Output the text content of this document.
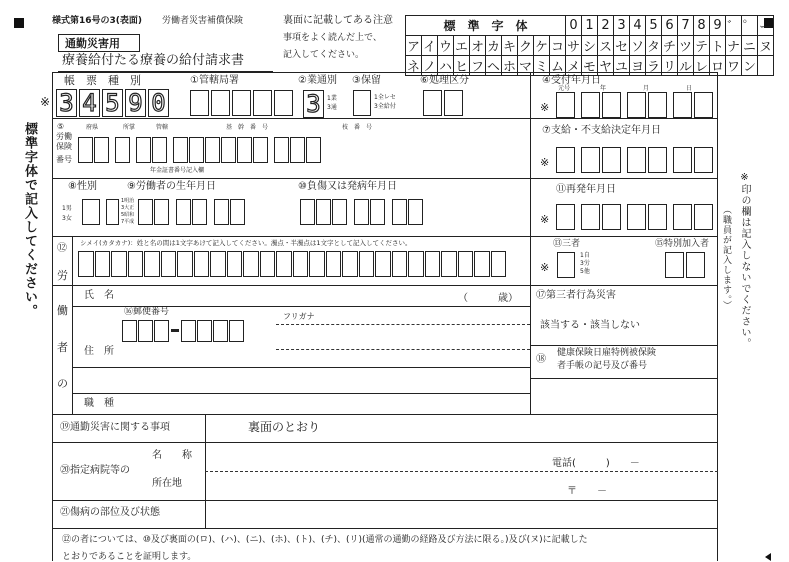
様式第16号の3(表面) 労働者災害補償保険	裏面に記載してある注意
事項をよく読んだ上で、
記入してください。
通勤災害用
療養給付たる療養の給付請求書
標　準　字　体										0	1	2	3	4	5	6	7	8	9	゛	゜	ー
ア	イ	ウ	エ	オ	カ	キ	ク	ケ	コ	サ	シ	ス	セ	ソ	タ	チ	ツ	テ	ト	ナ	ニ	ヌ
ネ	ノ	ハ	ヒ	フ	ヘ	ホ	マ	ミ	ム	メ	モ	ヤ	ユ	ヨ	ラ	リ	ル	レ	ロ	ワ	ン	
標準字体で記入してください。	※印の欄は記入しないでください。
（職員が記入します。）
帳　票　種　別
※ 3 4 5 9 0
①管轄局署	②業通別
3	1業
3通
③保留
1全レセ
3全給付
⑥処理区分	④受付年月日
※
元号	年	月	日
⑤
労働
保険
番号
府県	所掌	管轄	基　幹　番　号	枝　番　号
年金証書番号記入欄
⑦支給・不支給決定年月日
※
⑧性別
1男
3女
⑨労働者の生年月日
1明治
3大正
5昭和
7平成
⑩負傷又は発病年月日	⑪再発年月日
※
シメイ(カタカナ)：姓と名の間は1文字あけて記入してください。濁点・半濁点は1文字として記入してください。	⑬三者
※
1自
3労
5他
⑮特別加入者
⑫
労
働
者
の
氏　名	（　　　歳）
⑯郵便番号	フリガナ
住　所
職　種
⑰第三者行為災害
該当する・該当しない
⑱
健康保険日雇特例被保険
者手帳の記号及び番号
⑲通勤災害に関する事項	裏面のとおり
⑳指定病院等の
名　　称
所在地
電話(　　　)　　－
〒　　－
㉑傷病の部位及び状態
⑫の者については、⑩及び裏面の(ロ)、(ハ)、(ニ)、(ホ)、(ト)、(チ)、(リ)(通常の通勤の経路及び方法に限る。)及び(ヌ)に記載した
とおりであることを証明します。
